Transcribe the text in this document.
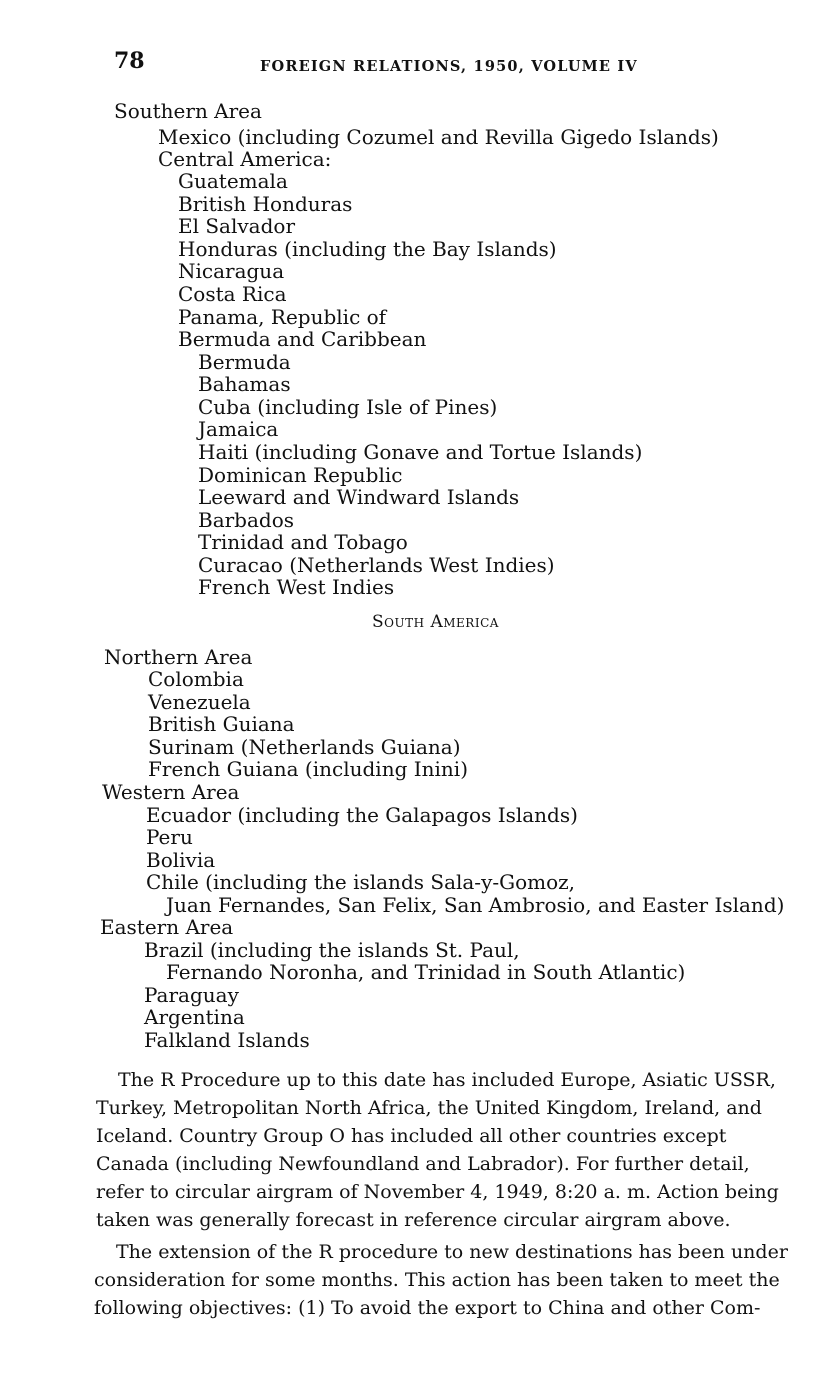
78	FOREIGN RELATIONS, 1950, VOLUME IV
Southern Area
Mexico (including Cozumel and Revilla Gigedo Islands)
Central America:
Guatemala
British Honduras
El Salvador
Honduras (including the Bay Islands)
Nicaragua
Costa Rica
Panama, Republic of
Bermuda and Caribbean
Bermuda
Bahamas
Cuba (including Isle of Pines)
Jamaica
Haiti (including Gonave and Tortue Islands)
Dominican Republic
Leeward and Windward Islands
Barbados
Trinidad and Tobago
Curacao (Netherlands West Indies)
French West Indies
South America
Northern Area
Colombia
Venezuela
British Guiana
Surinam (Netherlands Guiana)
French Guiana (including Inini)
Western Area
Ecuador (including the Galapagos Islands)
Peru
Bolivia
Chile (including the islands Sala-y-Gomoz,
Juan Fernandes, San Felix, San Ambrosio, and Easter Island)
Eastern Area
Brazil (including the islands St. Paul,
Fernando Noronha, and Trinidad in South Atlantic)
Paraguay
Argentina
Falkland Islands
The R Procedure up to this date has included Europe, Asiatic USSR,
Turkey, Metropolitan North Africa, the United Kingdom, Ireland, and
Iceland. Country Group O has included all other countries except
Canada (including Newfoundland and Labrador). For further detail,
refer to circular airgram of November 4, 1949, 8:20 a. m. Action being
taken was generally forecast in reference circular airgram above.
The extension of the R procedure to new destinations has been under
consideration for some months. This action has been taken to meet the
following objectives: (1) To avoid the export to China and other Com-
